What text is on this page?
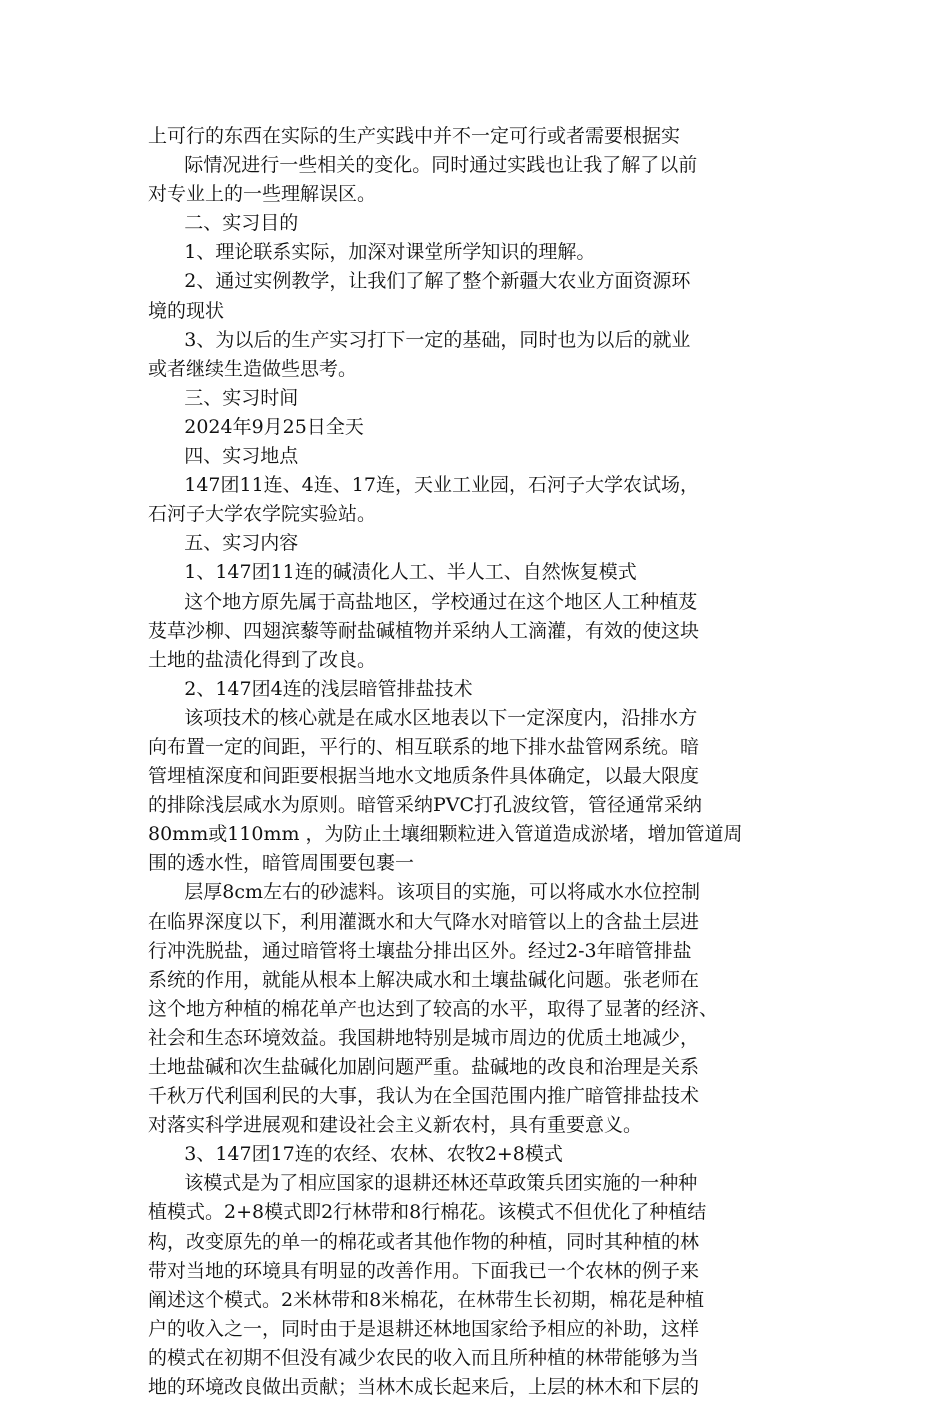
上可行的东西在实际的生产实践中并不一定可行或者需要根据实
际情况进行一些相关的变化。同时通过实践也让我了解了以前
对专业上的一些理解误区。
二、实习目的
1、理论联系实际，加深对课堂所学知识的理解。
2、通过实例教学，让我们了解了整个新疆大农业方面资源环
境的现状
3、为以后的生产实习打下一定的基础，同时也为以后的就业
或者继续生造做些思考。
三、实习时间
2024年9月25日全天
四、实习地点
147团11连、4连、17连，天业工业园，石河子大学农试场，
石河子大学农学院实验站。
五、实习内容
1、147团11连的碱渍化人工、半人工、自然恢复模式
这个地方原先属于高盐地区，学校通过在这个地区人工种植芨
芨草沙柳、四翅滨藜等耐盐碱植物并采纳人工滴灌，有效的使这块
土地的盐渍化得到了改良。
2、147团4连的浅层暗管排盐技术
该项技术的核心就是在咸水区地表以下一定深度内，沿排水方
向布置一定的间距，平行的、相互联系的地下排水盐管网系统。暗
管埋植深度和间距要根据当地水文地质条件具体确定，以最大限度
的排除浅层咸水为原则。暗管采纳PVC打孔波纹管，管径通常采纳
80mm或110mm ，为防止土壤细颗粒进入管道造成淤堵，增加管道周
围的透水性，暗管周围要包裹一
层厚8cm左右的砂滤料。该项目的实施，可以将咸水水位控制
在临界深度以下，利用灌溉水和大气降水对暗管以上的含盐土层进
行冲洗脱盐，通过暗管将土壤盐分排出区外。经过2-3年暗管排盐
系统的作用，就能从根本上解决咸水和土壤盐碱化问题。张老师在
这个地方种植的棉花单产也达到了较高的水平，取得了显著的经济、
社会和生态环境效益。我国耕地特别是城市周边的优质土地减少，
土地盐碱和次生盐碱化加剧问题严重。盐碱地的改良和治理是关系
千秋万代利国利民的大事，我认为在全国范围内推广暗管排盐技术
对落实科学进展观和建设社会主义新农村，具有重要意义。
3、147团17连的农经、农林、农牧2+8模式
该模式是为了相应国家的退耕还林还草政策兵团实施的一种种
植模式。2+8模式即2行林带和8行棉花。该模式不但优化了种植结
构，改变原先的单一的棉花或者其他作物的种植，同时其种植的林
带对当地的环境具有明显的改善作用。下面我已一个农林的例子来
阐述这个模式。2米林带和8米棉花，在林带生长初期，棉花是种植
户的收入之一，同时由于是退耕还林地国家给予相应的补助，这样
的模式在初期不但没有减少农民的收入而且所种植的林带能够为当
地的环境改良做出贡献；当林木成长起来后，上层的林木和下层的
